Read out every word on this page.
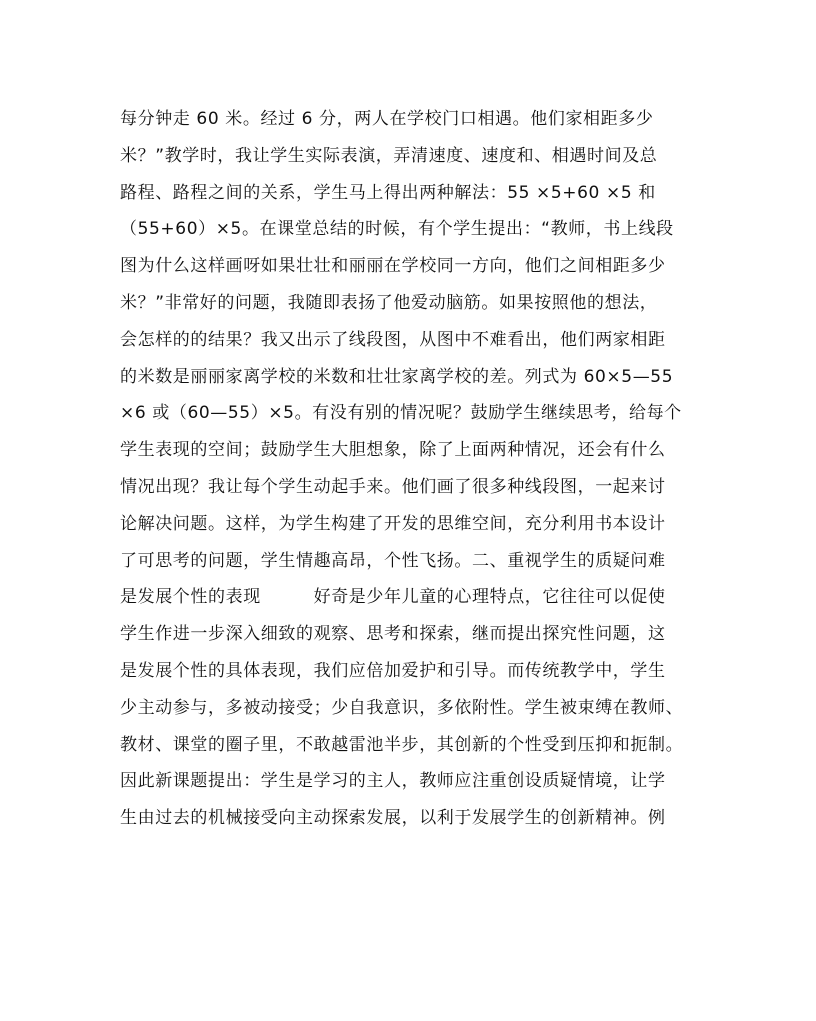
每分钟走 60 米。经过 6 分，两人在学校门口相遇。他们家相距多少
米？”教学时，我让学生实际表演，弄清速度、速度和、相遇时间及总
路程、路程之间的关系，学生马上得出两种解法：55 ×5+60 ×5 和
（55+60）×5。在课堂总结的时候，有个学生提出：“教师，书上线段
图为什么这样画呀如果壮壮和丽丽在学校同一方向，他们之间相距多少
米？”非常好的问题，我随即表扬了他爱动脑筋。如果按照他的想法，
会怎样的的结果？我又出示了线段图，从图中不难看出，他们两家相距
的米数是丽丽家离学校的米数和壮壮家离学校的差。列式为 60×5—55
×6 或（60—55）×5。有没有别的情况呢？鼓励学生继续思考，给每个
学生表现的空间；鼓励学生大胆想象，除了上面两种情况，还会有什么
情况出现？我让每个学生动起手来。他们画了很多种线段图，一起来讨
论解决问题。这样，为学生构建了开发的思维空间，充分利用书本设计
了可思考的问题，学生情趣高昂，个性飞扬。二、重视学生的质疑问难
是发展个性的表现　　　好奇是少年儿童的心理特点，它往往可以促使
学生作进一步深入细致的观察、思考和探索，继而提出探究性问题，这
是发展个性的具体表现，我们应倍加爱护和引导。而传统教学中，学生
少主动参与，多被动接受；少自我意识，多依附性。学生被束缚在教师、
教材、课堂的圈子里，不敢越雷池半步，其创新的个性受到压抑和扼制。
因此新课题提出：学生是学习的主人，教师应注重创设质疑情境，让学
生由过去的机械接受向主动探索发展，以利于发展学生的创新精神。例
